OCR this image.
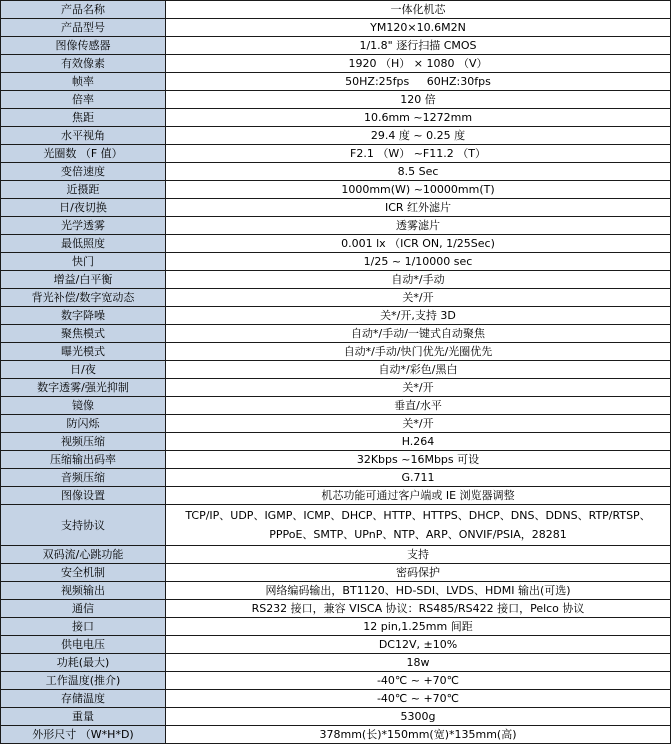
产品名称	一体化机芯
产品型号	YM120×10.6M2N
图像传感器	1/1.8" 逐行扫描 CMOS
有效像素	1920 （H） × 1080 （V）
帧率	50HZ:25fps     60HZ:30fps
倍率	120 倍
焦距	10.6mm ~1272mm
水平视角	29.4 度 ~ 0.25 度
光圈数 （F 值）	F2.1 （W） ~F11.2 （T）
变倍速度	8.5 Sec
近摄距	1000mm(W) ~10000mm(T)
日/夜切换	ICR 红外滤片
光学透雾	透雾滤片
最低照度	0.001 lx （ICR ON, 1/25Sec)
快门	1/25 ~ 1/10000 sec
增益/白平衡	自动*/手动
背光补偿/数字宽动态	关*/开
数字降噪	关*/开,支持 3D
聚焦模式	自动*/手动/一键式自动聚焦
曝光模式	自动*/手动/快门优先/光圈优先
日/夜	自动*/彩色/黑白
数字透雾/强光抑制	关*/开
镜像	垂直/水平
防闪烁	关*/开
视频压缩	H.264
压缩输出码率	32Kbps ~16Mbps 可设
音频压缩	G.711
图像设置	机芯功能可通过客户端或 IE 浏览器调整
支持协议	TCP/IP、UDP、IGMP、ICMP、DHCP、HTTP、HTTPS、DHCP、DNS、DDNS、RTP/RTSP、PPPoE、SMTP、UPnP、NTP、ARP、ONVIF/PSIA，28281
双码流/心跳功能	支持
安全机制	密码保护
视频输出	网络编码输出，BT1120、HD-SDI、LVDS、HDMI 输出(可选)
通信	RS232 接口，兼容 VISCA 协议：RS485/RS422 接口，Pelco 协议
接口	12 pin,1.25mm 间距
供电电压	DC12V, ±10%
功耗(最大)	18w
工作温度(推介)	-40℃ ~ +70℃
存储温度	-40℃ ~ +70℃
重量	5300g
外形尺寸 （W*H*D)	378mm(长)*150mm(宽)*135mm(高)
